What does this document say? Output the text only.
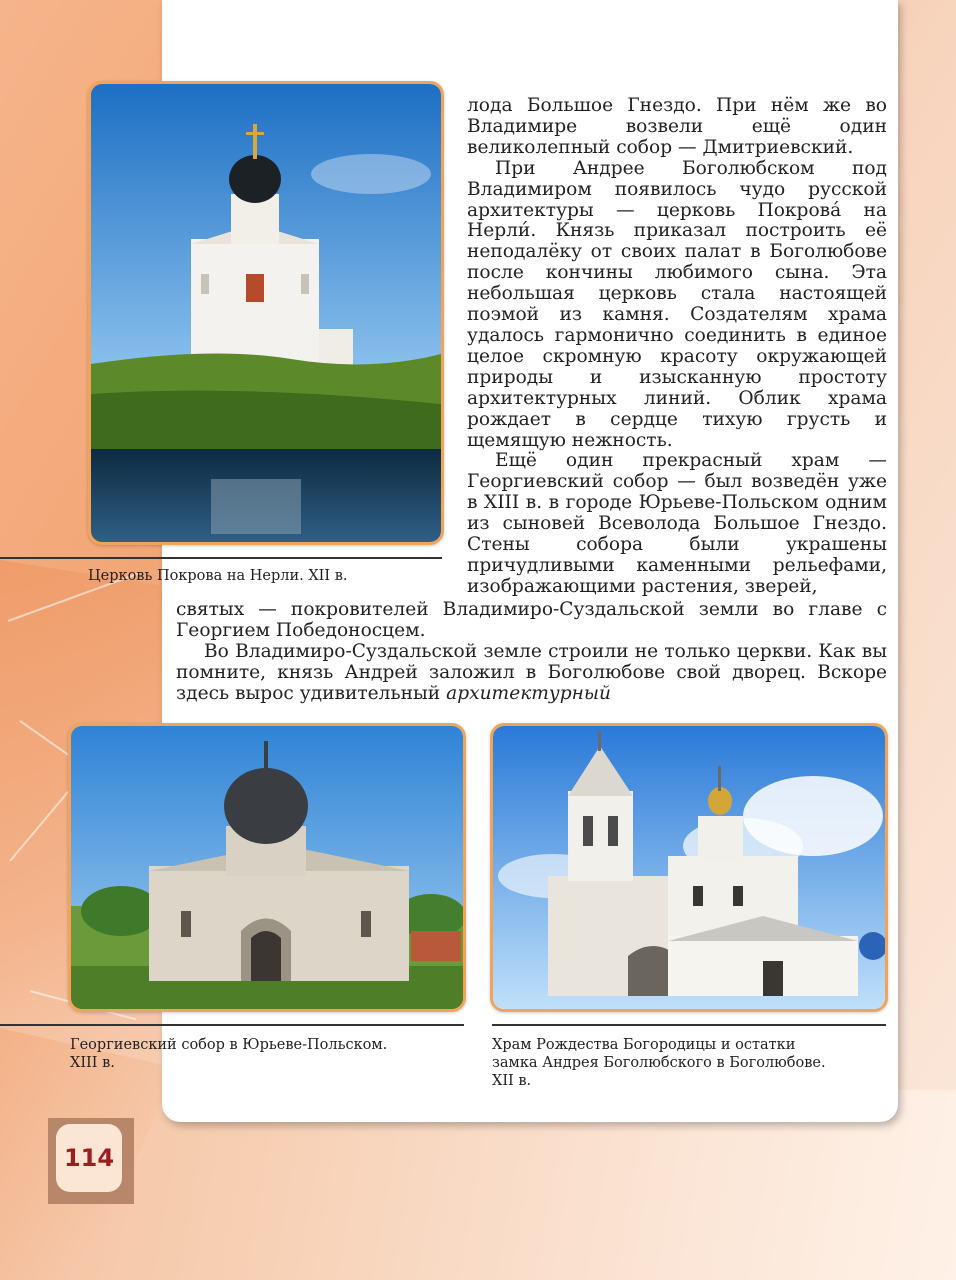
Церковь Покрова на Нерли. XII в.

лода Большое Гнездо. При нём же во Владимире возвели ещё один великолепный собор — Дмитриевский.

При Андрее Боголюбском под Владимиром появилось чудо русской архитектуры — церковь Покрова́ на Нерли́. Князь приказал построить её неподалёку от своих палат в Боголюбове после кончины любимого сына. Эта небольшая церковь стала настоящей поэмой из камня. Создателям храма удалось гармонично соединить в единое целое скромную красоту окружающей природы и изысканную простоту архитектурных линий. Облик храма рождает в сердце тихую грусть и щемящую нежность.

Ещё один прекрасный храм — Георгиевский собор — был возведён уже в XIII в. в городе Юрьеве-Польском одним из сыновей Всеволода Большое Гнездо. Стены собора были украшены причудливыми каменными рельефами, изображающими растения, зверей,

святых — покровителей Владимиро-Суздальской земли во главе с Георгием Победоносцем.

Во Владимиро-Суздальской земле строили не только церкви. Как вы помните, князь Андрей заложил в Боголюбове свой дворец. Вскоре здесь вырос удивительный архитектурный

Георгиевский собор в Юрьеве-Польском.
XIII в.
Храм Рождества Богородицы и остатки
замка Андрея Боголюбского в Боголюбове.
XII в.
114
